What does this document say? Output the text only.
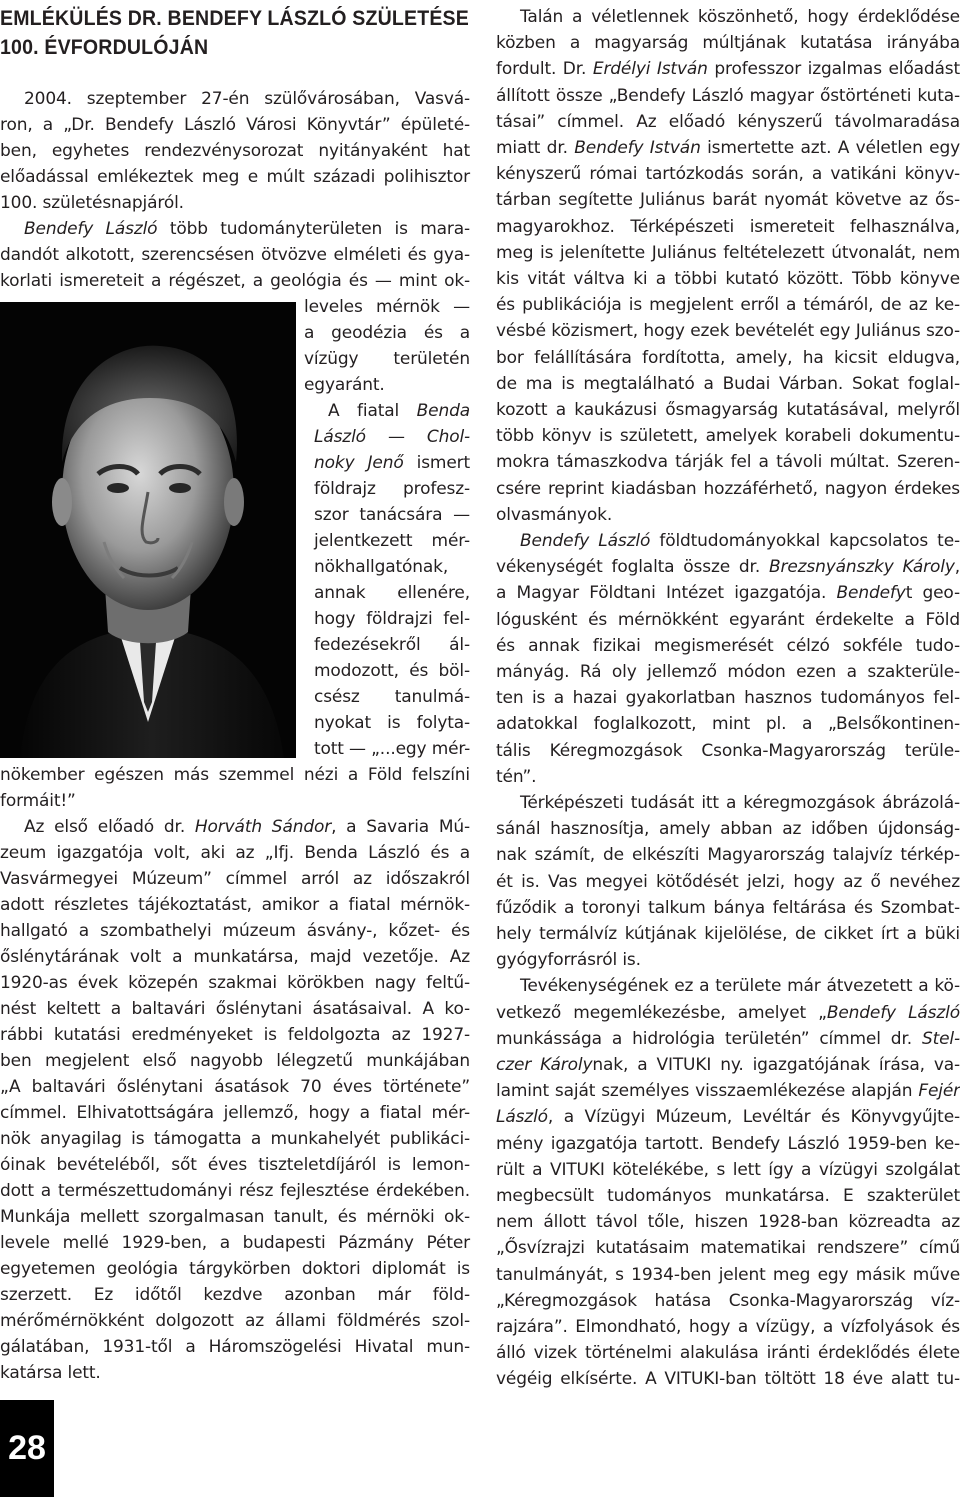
EMLÉKÜLÉS DR. BENDEFY LÁSZLÓ SZÜLETÉSE
100. ÉVFORDULÓJÁN

2004. szeptember 27-én szülővárosában, Vasvá-

ron, a „Dr. Bendefy László Városi Könyvtár” épületé-

ben, egyhetes rendezvénysorozat nyitányaként hat

előadással emlékeztek meg e múlt századi polihisztor

100. születésnapjáról.

Bendefy László több tudományterületen is mara-

dandót alkotott, szerencsésen ötvözve elméleti és gya-

korlati ismereteit a régészet, a geológia és — mint ok-

leveles mérnök —

a geodézia és a

vízügy területén

egyaránt.

A fiatal Benda

László — Chol-

noky Jenő ismert

földrajz profesz-

szor tanácsára —

jelentkezett mér-

nökhallgatónak,

annak ellenére,

hogy földrajzi fel-

fedezésekről ál-

modozott, és böl-

csész tanulmá-

nyokat is folyta-

tott — „...egy mér-

nökember egészen más szemmel nézi a Föld felszíni

formáit!”

Az első előadó dr. Horváth Sándor, a Savaria Mú-

zeum igazgatója volt, aki az „Ifj. Benda László és a

Vasvármegyei Múzeum” címmel arról az időszakról

adott részletes tájékoztatást, amikor a fiatal mérnök-

hallgató a szombathelyi múzeum ásvány-, kőzet- és

őslénytárának volt a munkatársa, majd vezetője. Az

1920-as évek közepén szakmai körökben nagy feltű-

nést keltett a baltavári őslénytani ásatásaival. A ko-

rábbi kutatási eredményeket is feldolgozta az 1927-

ben megjelent első nagyobb lélegzetű munkájában

„A baltavári őslénytani ásatások 70 éves története”

címmel. Elhivatottságára jellemző, hogy a fiatal mér-

nök anyagilag is támogatta a munkahelyét publikáci-

óinak bevételéből, sőt éves tiszteletdíjáról is lemon-

dott a természettudományi rész fejlesztése érdekében.

Munkája mellett szorgalmasan tanult, és mérnöki ok-

levele mellé 1929-ben, a budapesti Pázmány Péter

egyetemen geológia tárgykörben doktori diplomát is

szerzett. Ez időtől kezdve azonban már föld-

mérőmérnökként dolgozott az állami földmérés szol-

gálatában, 1931-től a Háromszögelési Hivatal mun-

katársa lett.

Talán a véletlennek köszönhető, hogy érdeklődése

közben a magyarság múltjának kutatása irányába

fordult. Dr. Erdélyi István professzor izgalmas előadást

állított össze „Bendefy László magyar őstörténeti kuta-

tásai” címmel. Az előadó kényszerű távolmaradása

miatt dr. Bendefy István ismertette azt. A véletlen egy

kényszerű római tartózkodás során, a vatikáni könyv-

tárban segítette Juliánus barát nyomát követve az ős-

magyarokhoz. Térképészeti ismereteit felhasználva,

meg is jelenítette Juliánus feltételezett útvonalát, nem

kis vitát váltva ki a többi kutató között. Több könyve

és publikációja is megjelent erről a témáról, de az ke-

vésbé közismert, hogy ezek bevételét egy Juliánus szo-

bor felállítására fordította, amely, ha kicsit eldugva,

de ma is megtalálható a Budai Várban. Sokat foglal-

kozott a kaukázusi ősmagyarság kutatásával, melyről

több könyv is született, amelyek korabeli dokumentu-

mokra támaszkodva tárják fel a távoli múltat. Szeren-

csére reprint kiadásban hozzáférhető, nagyon érdekes

olvasmányok.

Bendefy László földtudományokkal kapcsolatos te-

vékenységét foglalta össze dr. Brezsnyánszky Károly,

a Magyar Földtani Intézet igazgatója. Bendefyt geo-

lógusként és mérnökként egyaránt érdekelte a Föld

és annak fizikai megismerését célzó sokféle tudo-

mányág. Rá oly jellemző módon ezen a szakterüle-

ten is a hazai gyakorlatban hasznos tudományos fel-

adatokkal foglalkozott, mint pl. a „Belsőkontinen-

tális Kéregmozgások Csonka-Magyarország terüle-

tén”.

Térképészeti tudását itt a kéregmozgások ábrázolá-

sánál hasznosítja, amely abban az időben újdonság-

nak számít, de elkészíti Magyarország talajvíz térkép-

ét is. Vas megyei kötődését jelzi, hogy az ő nevéhez

fűződik a toronyi talkum bánya feltárása és Szombat-

hely termálvíz kútjának kijelölése, de cikket írt a büki

gyógyforrásról is.

Tevékenységének ez a területe már átvezetett a kö-

vetkező megemlékezésbe, amelyet „Bendefy László

munkássága a hidrológia területén” címmel dr. Stel-

czer Károlynak, a VITUKI ny. igazgatójának írása, va-

lamint saját személyes visszaemlékezése alapján Fejér

László, a Vízügyi Múzeum, Levéltár és Könyvgyűjte-

mény igazgatója tartott. Bendefy László 1959-ben ke-

rült a VITUKI kötelékébe, s lett így a vízügyi szolgálat

megbecsült tudományos munkatársa. E szakterület

nem állott távol tőle, hiszen 1928-ban közreadta az

„Ősvízrajzi kutatásaim matematikai rendszere” című

tanulmányát, s 1934-ben jelent meg egy másik műve

„Kéregmozgások hatása Csonka-Magyarország víz-

rajzára”. Elmondható, hogy a vízügy, a vízfolyások és

álló vizek történelmi alakulása iránti érdeklődés élete

végéig elkísérte. A VITUKI-ban töltött 18 éve alatt tu-

28
